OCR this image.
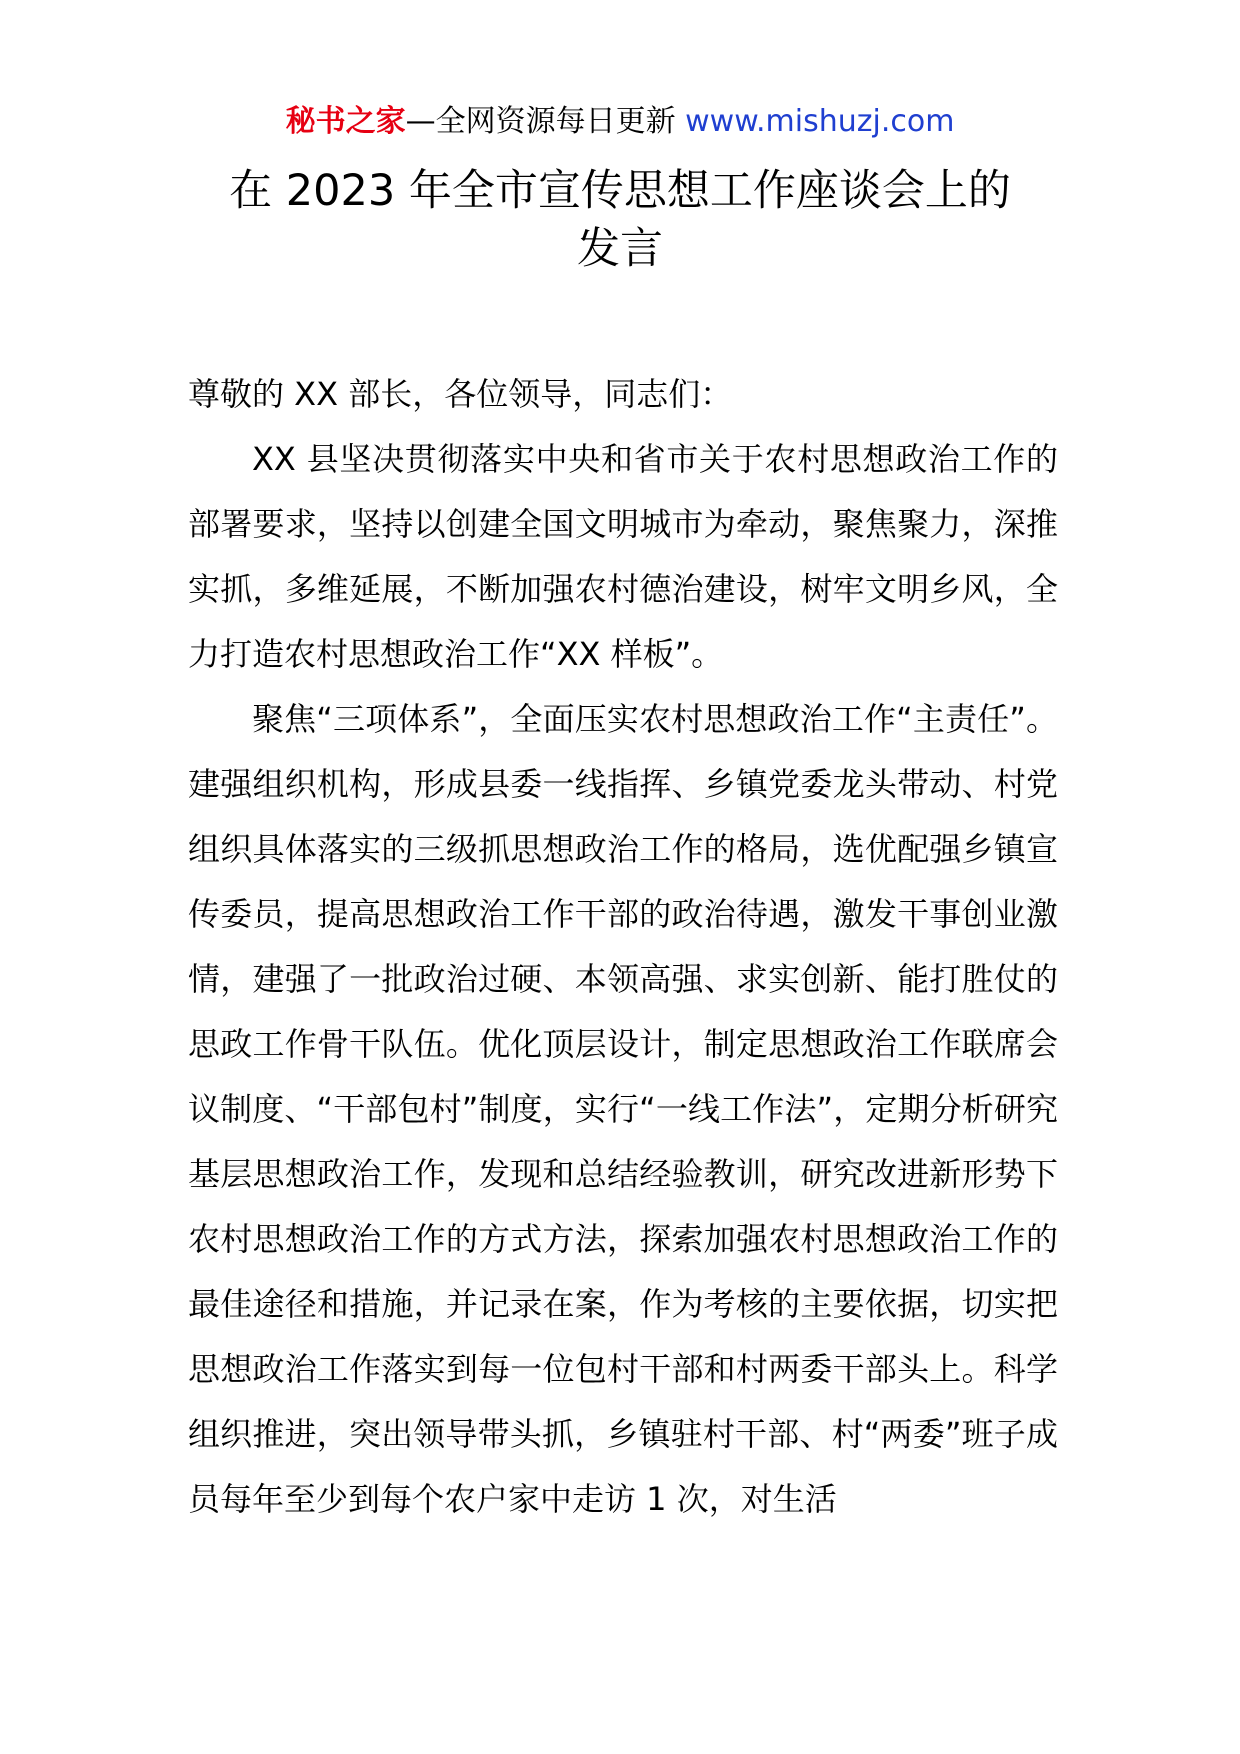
秘书之家—全网资源每日更新 www.mishuzj.com
在 2023 年全市宣传思想工作座谈会上的
发言

尊敬的 XX 部长，各位领导，同志们：

XX 县坚决贯彻落实中央和省市关于农村思想政治工作的部署要求，坚持以创建全国文明城市为牵动，聚焦聚力，深推实抓，多维延展，不断加强农村德治建设，树牢文明乡风，全力打造农村思想政治工作“XX 样板”。

聚焦“三项体系”，全面压实农村思想政治工作“主责任”。建强组织机构，形成县委一线指挥、乡镇党委龙头带动、村党组织具体落实的三级抓思想政治工作的格局，选优配强乡镇宣传委员，提高思想政治工作干部的政治待遇，激发干事创业激情，建强了一批政治过硬、本领高强、求实创新、能打胜仗的思政工作骨干队伍。优化顶层设计，制定思想政治工作联席会议制度、“干部包村”制度，实行“一线工作法”，定期分析研究基层思想政治工作，发现和总结经验教训，研究改进新形势下农村思想政治工作的方式方法，探索加强农村思想政治工作的最佳途径和措施，并记录在案，作为考核的主要依据，切实把思想政治工作落实到每一位包村干部和村两委干部头上。科学组织推进，突出领导带头抓，乡镇驻村干部、村“两委”班子成员每年至少到每个农户家中走访 1 次，对生活
